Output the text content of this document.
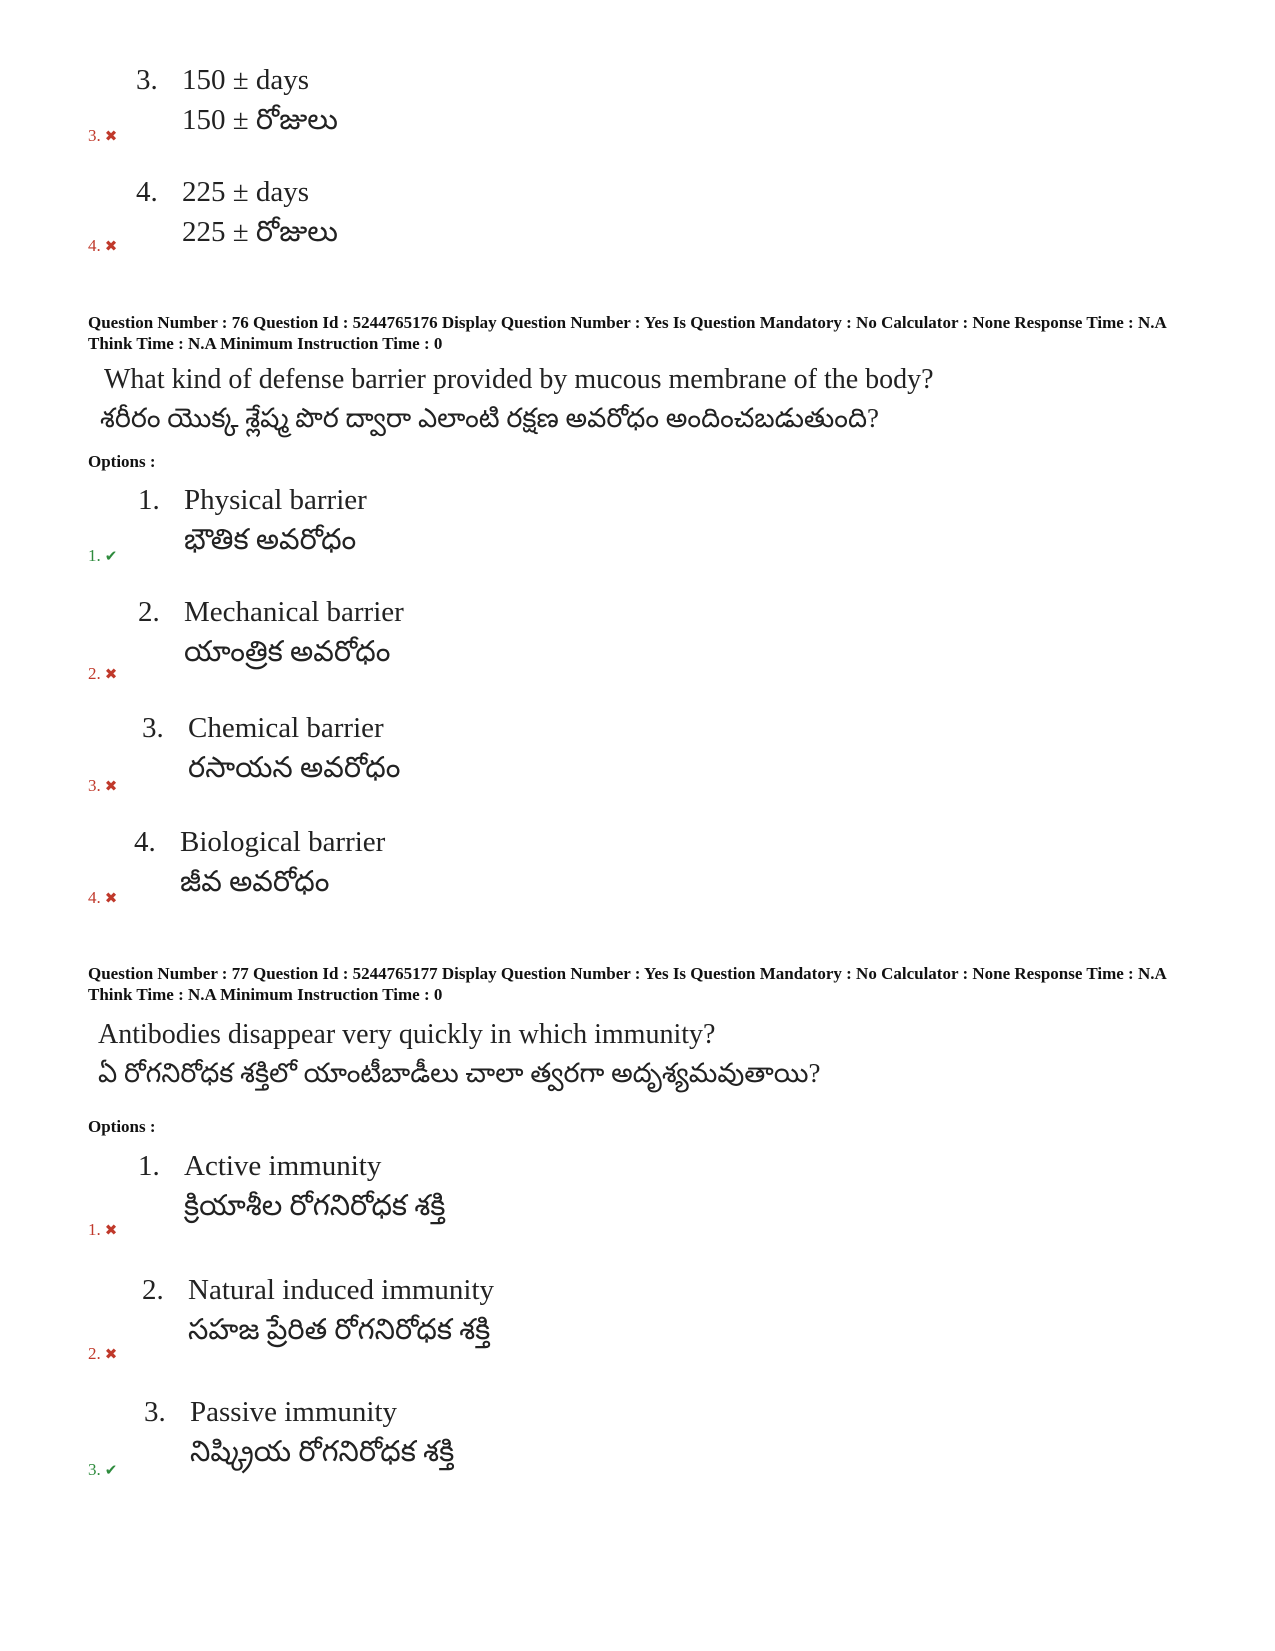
3. 150 ± days
150 ± రోజులు
3. ✖
4. 225 ± days
225 ± రోజులు
4. ✖
Question Number : 76 Question Id : 5244765176 Display Question Number : Yes Is Question Mandatory : No Calculator : None Response Time : N.A Think Time : N.A Minimum Instruction Time : 0
What kind of defense barrier provided by mucous membrane of the body?
శరీరం యొక్క శ్లేష్మ పొర ద్వారా ఎలాంటి రక్షణ అవరోధం అందించబడుతుంది?
Options :
1. Physical barrier
భౌతిక అవరోధం
1. ✔
2. Mechanical barrier
యాంత్రిక అవరోధం
2. ✖
3. Chemical barrier
రసాయన అవరోధం
3. ✖
4. Biological barrier
జీవ అవరోధం
4. ✖
Question Number : 77 Question Id : 5244765177 Display Question Number : Yes Is Question Mandatory : No Calculator : None Response Time : N.A Think Time : N.A Minimum Instruction Time : 0
Antibodies disappear very quickly in which immunity?
ఏ రోగనిరోధక శక్తిలో యాంటీబాడీలు చాలా త్వరగా అదృశ్యమవుతాయి?
Options :
1. Active immunity
క్రియాశీల రోగనిరోధక శక్తి
1. ✖
2. Natural induced immunity
సహజ ప్రేరిత రోగనిరోధక శక్తి
2. ✖
3. Passive immunity
నిష్క్రియ రోగనిరోధక శక్తి
3. ✔
